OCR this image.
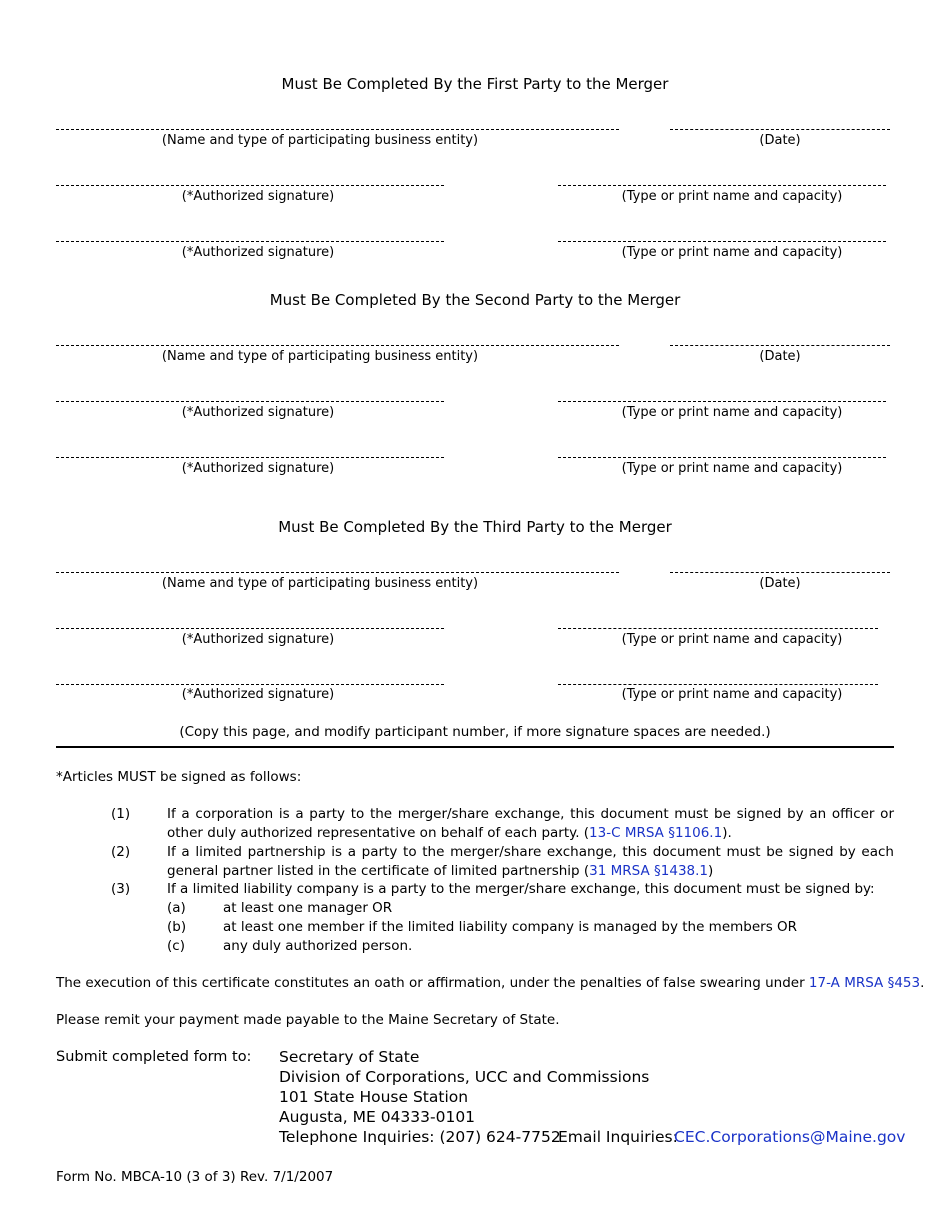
Must Be Completed By the First Party to the Merger
(Name and type of participating business entity)	(Date)
(*Authorized signature)	(Type or print name and capacity)
(*Authorized signature)	(Type or print name and capacity)
Must Be Completed By the Second Party to the Merger
(Name and type of participating business entity)	(Date)
(*Authorized signature)	(Type or print name and capacity)
(*Authorized signature)	(Type or print name and capacity)
Must Be Completed By the Third Party to the Merger
(Name and type of participating business entity)	(Date)
(*Authorized signature)	(Type or print name and capacity)
(*Authorized signature)	(Type or print name and capacity)
(Copy this page, and modify participant number, if more signature spaces are needed.)
*Articles MUST be signed as follows:
(1)	If a corporation is a party to the merger/share exchange, this document must be signed by an officer or other duly authorized representative on behalf of each party. (13-C MRSA §1106.1).
(2)	If a limited partnership is a party to the merger/share exchange, this document must be signed by each general partner listed in the certificate of limited partnership (31 MRSA §1438.1)
(3)	If a limited liability company is a party to the merger/share exchange, this document must be signed by:
(a)	at least one manager OR
(b)	at least one member if the limited liability company is managed by the members OR
(c)	any duly authorized person.
The execution of this certificate constitutes an oath or affirmation, under the penalties of false swearing under 17-A MRSA §453.
Please remit your payment made payable to the Maine Secretary of State.
Submit completed form to: Secretary of State
Division of Corporations, UCC and Commissions
101 State House Station
Augusta, ME 04333-0101
Telephone Inquiries: (207) 624-7752
Email Inquiries:
CEC.Corporations@Maine.gov
Form No. MBCA-10 (3 of 3) Rev. 7/1/2007
